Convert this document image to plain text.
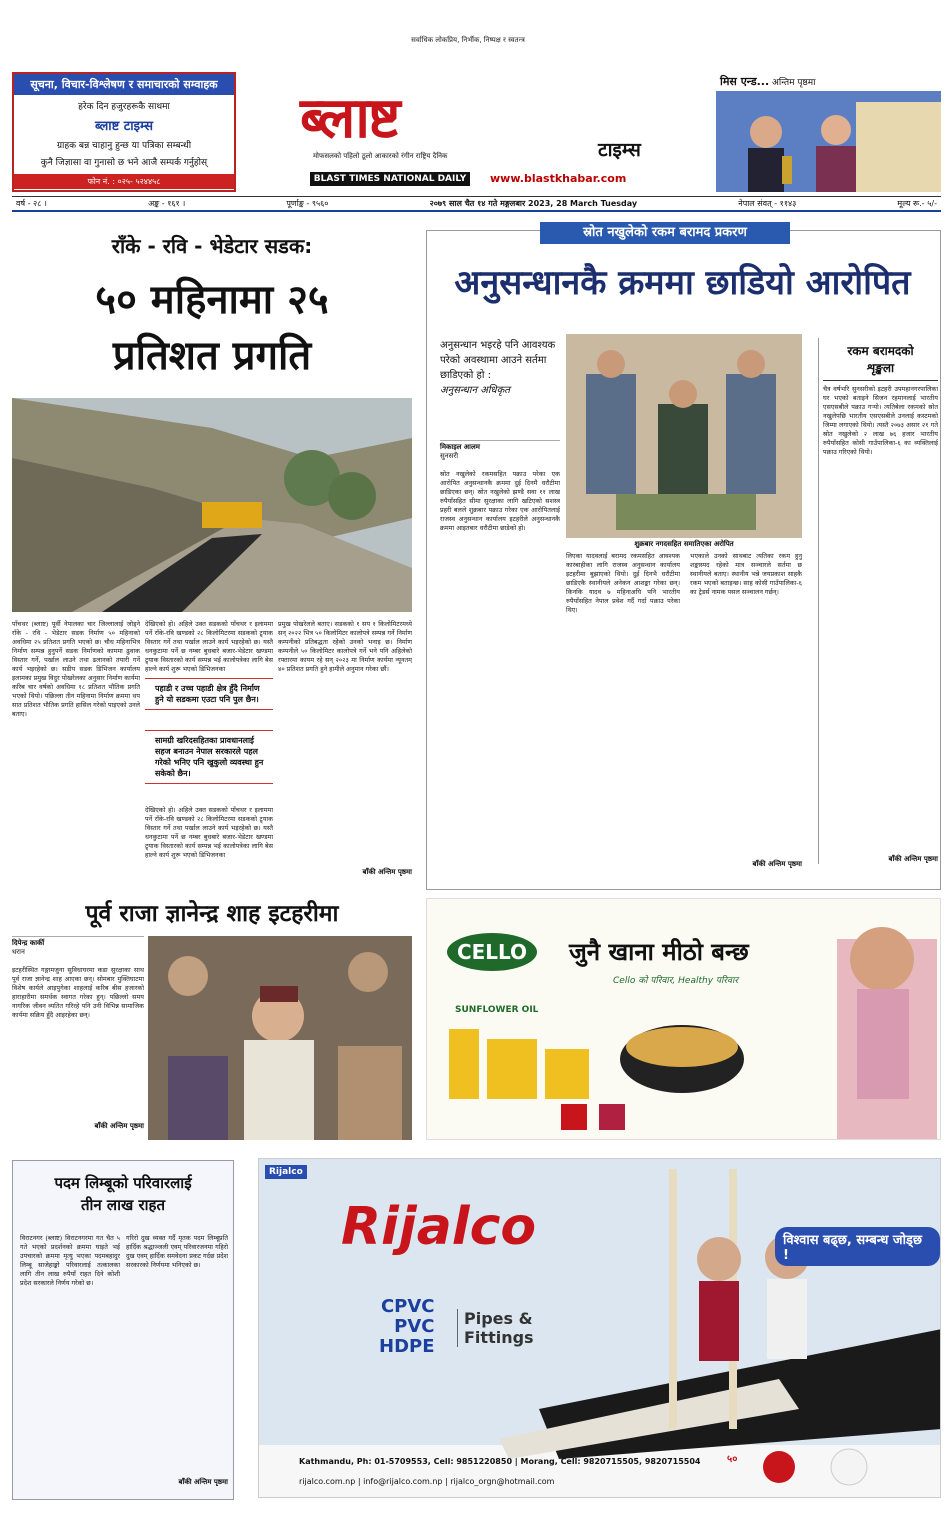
सर्वाधिक लोकप्रिय, निर्भीक, निष्पक्ष र स्वतन्त्र
सूचना, विचार-विश्लेषण र समाचारको सम्वाहक
हरेक दिन हजुरहरूकै साथमा
ब्लाष्ट टाइम्स
ग्राहक बन्न चाहानु हुन्छ या पत्रिका सम्बन्धी
कुनै जिज्ञासा वा गुनासो छ भने आजै सम्पर्क गर्नुहोस्
फोन नं. : ०२५- ५२४४५८
ब्लाष्ट	टाइम्स
मोफसलको पहिलो ठूलो आकारको रंगीन राष्ट्रिय दैनिक
BLAST TIMES NATIONAL DAILY	www.blastkhabar.com
मिस एन्ड... अन्तिम पृष्ठमा
वर्ष - २८ ।	अङ्क - १६१ ।	पूर्णाङ्क - ९५६०	२०७९ साल चैत १४ गते मङ्गलबार 2023, 28 March Tuesday	नेपाल संवत् - ११४३	मूल्य रू.- ५/-
राँके - रवि - भेडेटार सडक:
५० महिनामा २५
प्रतिशत प्रगति
पाँचथर (ब्लाष्ट) पूर्वी नेपालका चार जिल्लालाई जोड्ने राँके - रवि - भेडेटार सडक निर्माण ५० महिनाको अवधिमा २५ प्रतिशत प्रगति भएको छ। चौध महिनाभित्र निर्माण सम्पन्न हुनुपर्ने सडक निर्माणको काममा ढुवाक विस्तार गर्ने, पर्खाल लाउने तथा ढलानको तयारी गर्ने कार्य भइरहेको छ। सडीय सडक डिभिजन कार्यालय इलामका प्रमुख विदुर पोखरेलका अनुसार निर्माण कार्यमा करिब चार वर्षको अवधिमा १८ प्रतिशत भौतिक प्रगति भएको थियो। पछिल्ला तीन महिनामा निर्माण क्रममा थप सात प्रतिशत भौतिक प्रगति हासिल गरेको पाइएको उनले बताए।
देखिएको हो। अहिले उक्त सडकको पाँचथर र इलाममा पर्ने राँके-रवि खण्डको २८ किलोमिटरमा सडकको ट्र्याक विस्तार गर्ने तथा पर्खाल लाउने कार्य भइरहेको छ। यस्तै धनकुटामा पर्ने छ नम्बर बुधबारे बजार-भेडेटार खण्डमा ट्र्याक विस्तारको कार्य सम्पन्न भई कालोपत्रेका लागि बेस हाल्ने कार्य शुरू भएको डिभिजनका
पहाडी र उच्च पहाडी क्षेत्र हुँदै निर्माण हुने यो सडकमा एउटा पनि पुल छैन।
सामग्री खरिदसहितका प्रावधानलाई सहज बनाउन नेपाल सरकारले पहल गरेको भनिए पनि खुकुलो व्यवस्था हुन सकेको छैन।
देखिएको हो। अहिले उक्त सडकको पाँचथर र इलाममा पर्ने राँके-रवि खण्डको २८ किलोमिटरमा सडकको ट्र्याक विस्तार गर्ने तथा पर्खाल लाउने कार्य भइरहेको छ। यस्तै धनकुटामा पर्ने छ नम्बर बुधबारे बजार-भेडेटार खण्डमा ट्र्याक विस्तारको कार्य सम्पन्न भई कालोपत्रेका लागि बेस हाल्ने कार्य शुरू भएको डिभिजनका
प्रमुख पोखरेलले बताए। सडकको १ सय १ किलोमिटरमध्ये सन् २०२२ भित्र ५० किलोमिटर कालोपत्रे सम्पन्न गर्ने निर्माण कम्पनीको प्रतिबद्धता रहेको उनको भनाइ छ। निर्माण कम्पनीले ५० किलोमिटर कालोपत्रे गर्ने भने पनि अहिलेको रफ्तारमा कायम रहे सन् २०२३ मा निर्माण कार्यमा न्यूनतम् ४० प्रतिशत प्रगति हुने हामीले अनुमान गरेका छौं।
बाँकी अन्तिम पृष्ठमा
स्रोत नखुलेको रकम बरामद प्रकरण
अनुसन्धानकै क्रममा छाडियो आरोपित
अनुसन्धान भइरहे पनि आवश्यक परेको अवस्थामा आउने सर्तमा छाडिएको हो :
अनुसन्धान अधिकृत
मिकाइल आलम
सुनसरी
स्रोत नखुलेको रकमसहित पक्राउ परेका एक आरोपित अनुसन्धानकै क्रममा दुई दिनमै धरौटीमा छाडिएका छन्। स्रोत नखुलेको झण्डै सवा ११ लाख रुपैयाँसहित सीमा सुरक्षाका लागि खटिएको सशस्त्र प्रहरी बलले शुक्रबार पक्राउ गरेका एक आरोपितलाई राजस्व अनुसन्धान कार्यालय इटहरीले अनुसन्धानकै क्रममा आइतबार धरौटीमा छाडेको हो।
शुक्रबार नगदसहित समातिएका अरोपित
लिएका यादवलाई बरामद रकमसहित आवश्यक कारबाहीका लागि राजस्व अनुसन्धान कार्यालय इटहरीमा बुझाएको थियो। दुई दिनभै धरौटीमा छाडिएकै स्थानीयले अनेकन आशङ्का गरेका छन्। किनकि यादव ७ महिनाअघि पनि भारतीय रुपैयाँसहित नेपाल प्रवेश गर्दै गर्दा पक्राउ परेका थिए।
भएकाले उनको साथबाट त्यतिका रकम हुनु शङ्कास्पद रहेको मात्र सञ्चारले सर्तमा छ स्थानीयले बताए। स्थानीय भन्ने जयप्रकाश साहकै रकम भएको बताइन्छ। साह कोसी गाउँपालिका-६ का ट्रेडर्स नामक पसल सञ्चालन गर्छन्।
बाँकी अन्तिम पृष्ठमा
रकम बरामदको
शृङ्खला
चैत्र वर्षभरि सुनसरीको इटहरी उपमहानगरपालिका घर भएको बताइने सिजन रहमानलाई भारतीय एसएसबीले पक्राउ गऱ्यो। त्यतिबेला रकमको स्रोत नखुलेपछि भारतीय एसएसबीले उनलाई कस्टमको जिम्मा लगाएको थियो। त्यस्तै २०७३ असार २१ गते स्रोत नखुलेको २ लाख ७६ हजार भारतीय रुपैयाँसहित कोसी गाउँपालिका-६ का व्यक्तिलाई पक्राउ गरिएको थियो।
बाँकी अन्तिम पृष्ठमा
पूर्व राजा ज्ञानेन्द्र शाह इटहरीमा
दिपेन्द्र कार्की
धरान
इटहरीस्थित गङ्गामजुना सुविधाघरमा कडा सुरक्षाका साथ पूर्व राजा ज्ञानेन्द्र शाह आएका छन्। सोमबार मुक्तिघाटमा विशेष कार्यले आइपुगेका शाहलाई करिब बीस हजारको हाराहारीमा समर्थक स्वागत गरेका हुन्। पछिल्लो समय नागरिक जीवन व्यतित गरिरहे पनि उनी विभिन्न सामाजिक कार्यमा सक्रिय हुँदै आइरहेका छन्।
बाँकी अन्तिम पृष्ठमा
CELLO
SUNFLOWER OIL
जुनै खाना मीठो बन्छ
Cello को परिवार, Healthy परिवार
पदम लिम्बूको परिवारलाई
तीन लाख राहत
विराटनगर (ब्लाष्ट) विराटनगरमा गत चैत ५ गते भएको प्रदर्शनको क्रममा घाइते भई उपचारको क्रममा मृत्यु भएका पदमबहादुर लिम्बू साजेहाङ्को परिवारलाई तत्कालका लागि तीन लाख रुपैयाँ राहत दिने कोशी प्रदेश सरकारले निर्णय गरेको छ।
गरिरो दुख व्यक्त गर्दै मृतक पदम लिम्बूप्रति हार्दिक श्रद्धाञ्जली एवम् परिवारजनमा गहिरो दुख एवम् हार्दिक समवेदना प्रकट गर्दछ प्रदेश सरकारको निर्णयमा भनिएको छ।
बाँकी अन्तिम पृष्ठमा
Rijalco
Rijalco
CPVC
PVC
HDPE
Pipes & Fittings
विश्वास बढ्छ, सम्बन्ध जोड्छ !
५०
Kathmandu, Ph: 01-5709553, Cell: 9851220850 | Morang, Cell: 9820715505, 9820715504
rijalco.com.np | info@rijalco.com.np | rijalco_orgn@hotmail.com
